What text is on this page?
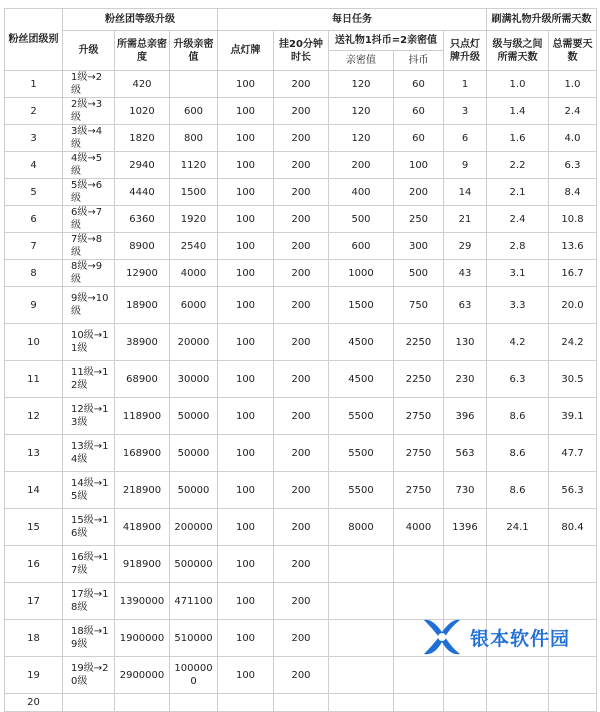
粉丝团级别	粉丝团等级升级			每日任务					刷满礼物升级所需天数	
	升级	所需总亲密度	升级亲密值	点灯牌	挂20分钟时长	送礼物1抖币=2亲密值		只点灯牌升级	级与级之间所需天数	总需要天数
						亲密值	抖币			
1	1级→2级	420		100	200	120	60	1	1.0	1.0
2	2级→3级	1020	600	100	200	120	60	3	1.4	2.4
3	3级→4级	1820	800	100	200	120	60	6	1.6	4.0
4	4级→5级	2940	1120	100	200	200	100	9	2.2	6.3
5	5级→6级	4440	1500	100	200	400	200	14	2.1	8.4
6	6级→7级	6360	1920	100	200	500	250	21	2.4	10.8
7	7级→8级	8900	2540	100	200	600	300	29	2.8	13.6
8	8级→9级	12900	4000	100	200	1000	500	43	3.1	16.7
9	9级→10级	18900	6000	100	200	1500	750	63	3.3	20.0
10	10级→11级	38900	20000	100	200	4500	2250	130	4.2	24.2
11	11级→12级	68900	30000	100	200	4500	2250	230	6.3	30.5
12	12级→13级	118900	50000	100	200	5500	2750	396	8.6	39.1
13	13级→14级	168900	50000	100	200	5500	2750	563	8.6	47.7
14	14级→15级	218900	50000	100	200	5500	2750	730	8.6	56.3
15	15级→16级	418900	200000	100	200	8000	4000	1396	24.1	80.4
16	16级→17级	918900	500000	100	200					
17	17级→18级	1390000	471100	100	200					
18	18级→19级	1900000	510000	100	200					
19	19级→20级	2900000	1000000	100	200					
20										
银本软件园
